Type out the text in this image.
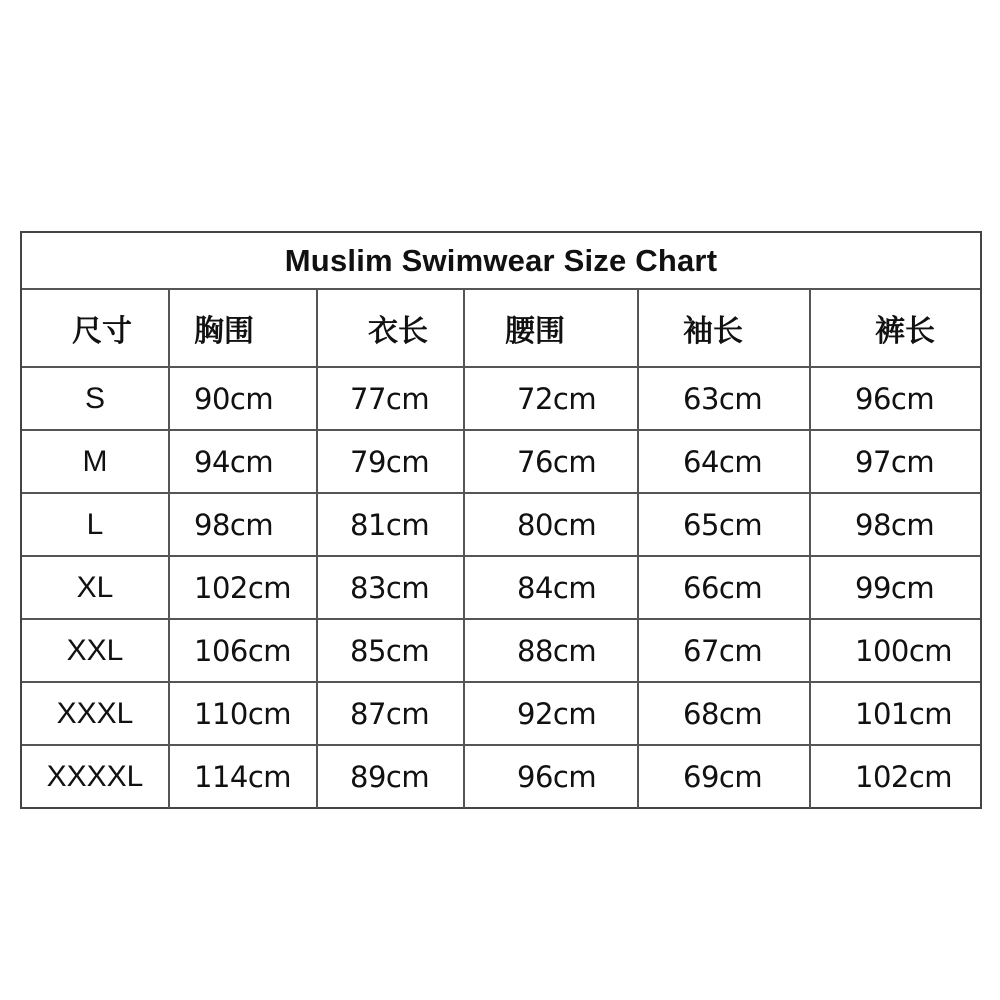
Muslim Swimwear Size Chart
尺寸	胸围	衣长	腰围	袖长	裤长
S	90cm	77cm	72cm	63cm	96cm
M	94cm	79cm	76cm	64cm	97cm
L	98cm	81cm	80cm	65cm	98cm
XL	102cm	83cm	84cm	66cm	99cm
XXL	106cm	85cm	88cm	67cm	100cm
XXXL	110cm	87cm	92cm	68cm	101cm
XXXXL	114cm	89cm	96cm	69cm	102cm
